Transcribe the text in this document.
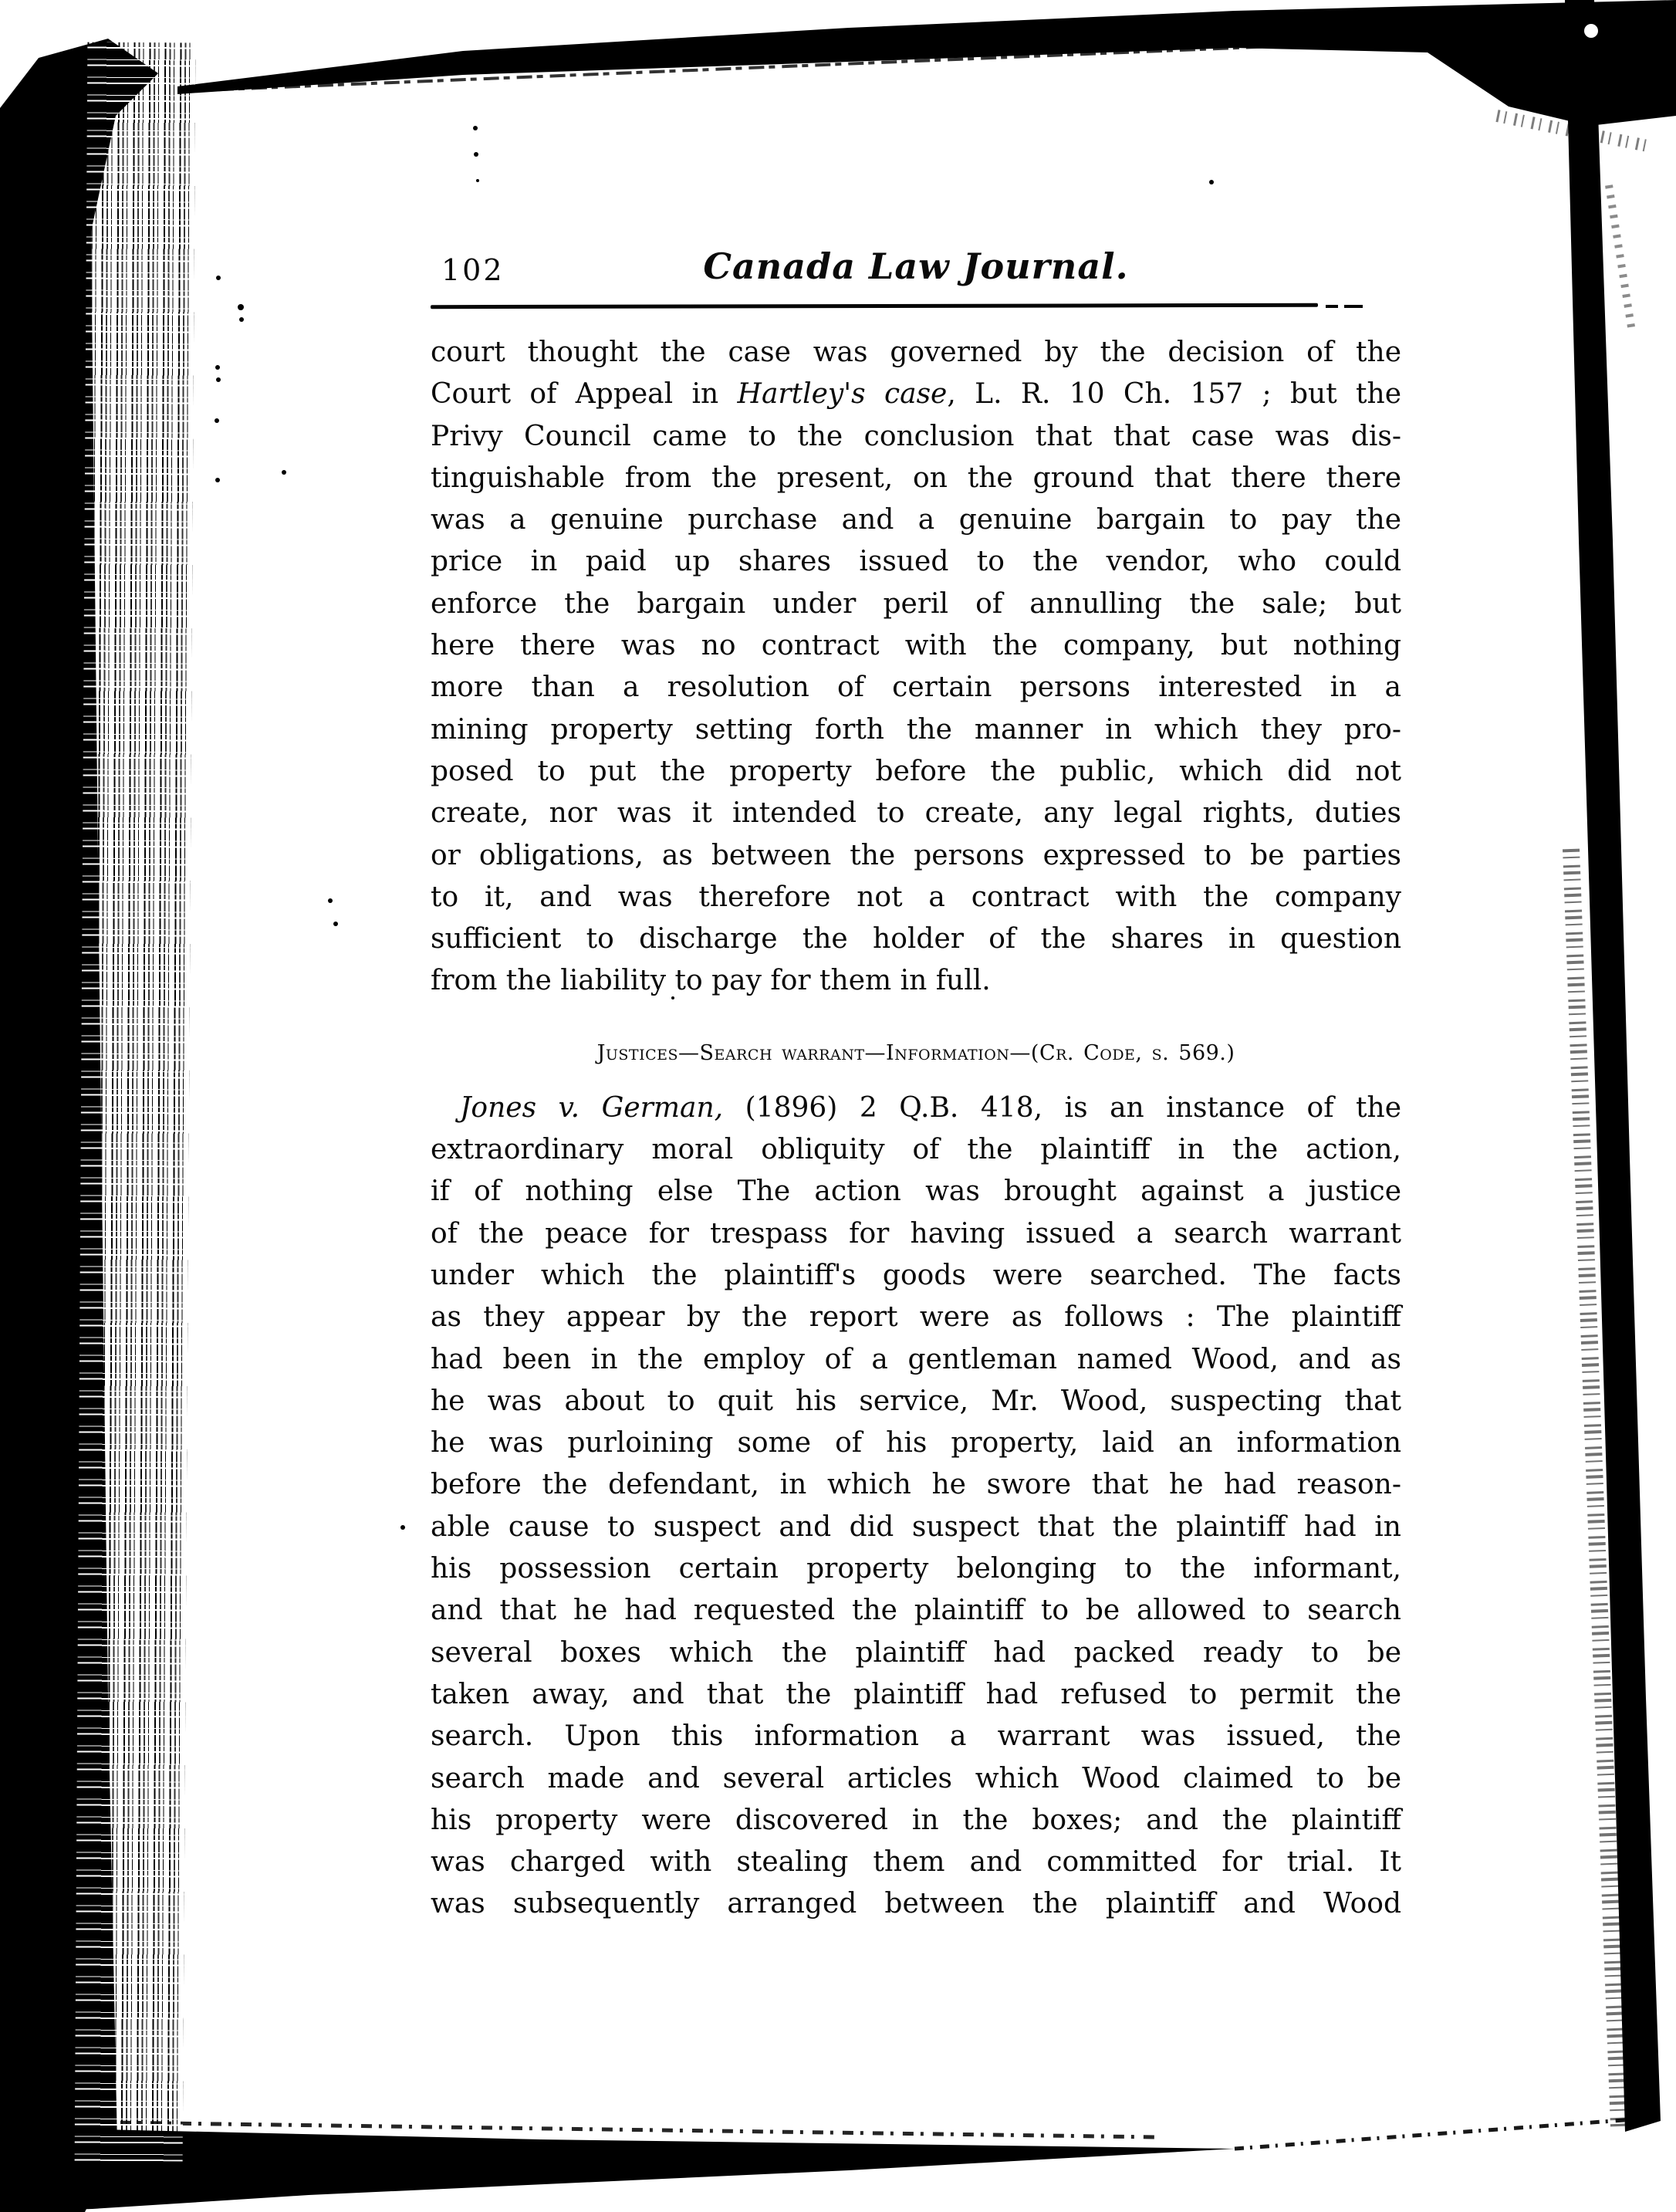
102	Canada Law Journal.
court thought the case was governed by the decision of the
Court of Appeal in Hartley's case, L. R. 10 Ch. 157 ; but the
Privy Council came to the conclusion that that case was dis-
tinguishable from the present, on the ground that there there
was a genuine purchase and a genuine bargain to pay the
price in paid up shares issued to the vendor, who could
enforce the bargain under peril of annulling the sale; but
here there was no contract with the company, but nothing
more than a resolution of certain persons interested in a
mining property setting forth the manner in which they pro-
posed to put the property before the public, which did not
create, nor was it intended to create, any legal rights, duties
or obligations, as between the persons expressed to be parties
to it, and was therefore not a contract with the company
sufficient to discharge the holder of the shares in question
from the liability to pay for them in full.
Justices—Search warrant—Information—(Cr. Code, s. 569.)
Jones v. German, (1896) 2 Q.B. 418, is an instance of the
extraordinary moral obliquity of the plaintiff in the action,
if of nothing else The action was brought against a justice
of the peace for trespass for having issued a search warrant
under which the plaintiff's goods were searched. The facts
as they appear by the report were as follows : The plaintiff
had been in the employ of a gentleman named Wood, and as
he was about to quit his service, Mr. Wood, suspecting that
he was purloining some of his property, laid an information
before the defendant, in which he swore that he had reason-
able cause to suspect and did suspect that the plaintiff had in
his possession certain property belonging to the informant,
and that he had requested the plaintiff to be allowed to search
several boxes which the plaintiff had packed ready to be
taken away, and that the plaintiff had refused to permit the
search. Upon this information a warrant was issued, the
search made and several articles which Wood claimed to be
his property were discovered in the boxes; and the plaintiff
was charged with stealing them and committed for trial. It
was subsequently arranged between the plaintiff and Wood
